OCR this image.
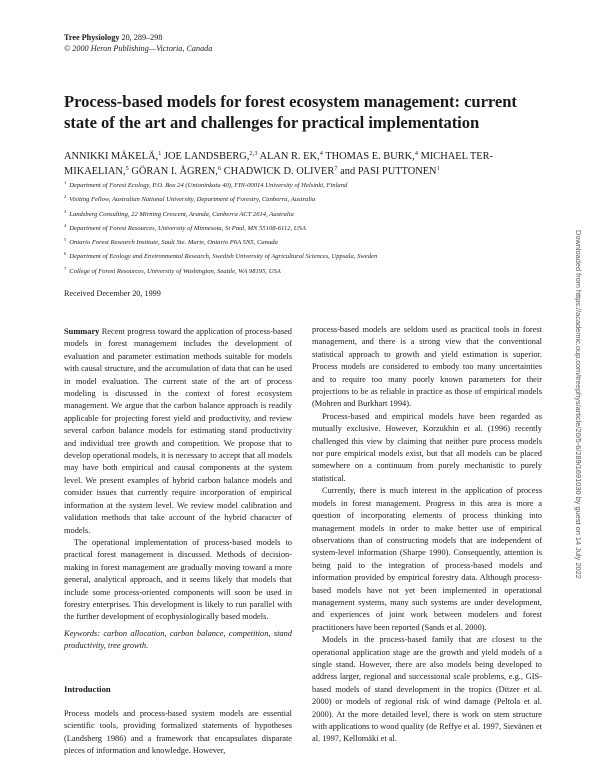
Tree Physiology 20, 289–298
© 2000 Heron Publishing—Victoria, Canada
Process-based models for forest ecosystem management: current state of the art and challenges for practical implementation
ANNIKKI MÄKELÄ,$^1$ JOE LANDSBERG,$^{2,3}$ ALAN R. EK,$^4$ THOMAS E. BURK,$^4$ MICHAEL TER-MIKAELIAN,$^5$ GÖRAN I. ÅGREN,$^6$ CHADWICK D. OLIVER$^7$ and PASI PUTTONEN$^1$
$^1$ Department of Forest Ecology, P.O. Box 24 (Unioninkatu 40), FIN-00014 University of Helsinki, Finland
$^2$ Visiting Fellow, Australian National University, Department of Forestry, Canberra, Australia
$^3$ Landsberg Consulting, 22 Mirning Crescent, Aranda, Canberra ACT 2614, Australia
$^4$ Department of Forest Resources, University of Minnesota, St Paul, MN 55108-6112, USA
$^5$ Ontario Forest Research Institute, Sault Ste. Marie, Ontario P6A 5N5, Canada
$^6$ Department of Ecology and Environmental Research, Swedish University of Agricultural Sciences, Uppsala, Sweden
$^7$ College of Forest Resources, University of Washington, Seattle, WA 98195, USA
Received December 20, 1999

Summary Recent progress toward the application of process-based models in forest management includes the development of evaluation and parameter estimation methods suitable for models with causal structure, and the accumulation of data that can be used in model evaluation. The current state of the art of process modeling is discussed in the context of forest ecosystem management. We argue that the carbon balance approach is readily applicable for projecting forest yield and productivity, and review several carbon balance models for estimating stand productivity and individual tree growth and competition. We propose that to develop operational models, it is necessary to accept that all models may have both empirical and causal components at the system level. We present examples of hybrid carbon balance models and consider issues that currently require incorporation of empirical information at the system level. We review model calibration and validation methods that take account of the hybrid character of models.

The operational implementation of process-based models to practical forest management is discussed. Methods of decision-making in forest management are gradually moving toward a more general, analytical approach, and it seems likely that models that include some process-oriented components will soon be used in forestry enterprises. This development is likely to run parallel with the further development of ecophysiologically based models.

Keywords: carbon allocation, carbon balance, competition, stand productivity, tree growth.

Introduction

Process models and process-based system models are essential scientific tools, providing formalized statements of hypotheses (Landsberg 1986) and a framework that encapsulates disparate pieces of information and knowledge. However,

process-based models are seldom used as practical tools in forest management, and there is a strong view that the conventional statistical approach to growth and yield estimation is superior. Process models are considered to embody too many uncertainties and to require too many poorly known parameters for their projections to be as reliable in practice as those of empirical models (Mohren and Burkhart 1994).

Process-based and empirical models have been regarded as mutually exclusive. However, Korzukhin et al. (1996) recently challenged this view by claiming that neither pure process models nor pure empirical models exist, but that all models can be placed somewhere on a continuum from purely mechanistic to purely statistical.

Currently, there is much interest in the application of process models in forest management. Progress in this area is more a question of incorporating elements of process thinking into management models in order to make better use of empirical observations than of constructing models that are independent of system-level information (Sharpe 1990). Consequently, attention is being paid to the integration of process-based models and information provided by empirical forestry data. Although process-based models have not yet been implemented in operational management systems, many such systems are under development, and experiences of joint work between modelers and forest practitioners have been reported (Sands et al. 2000).

Models in the process-based family that are closest to the operational application stage are the growth and yield models of a single stand. However, there are also models being developed to address larger, regional and successional scale problems, e.g., GIS-based models of stand development in the tropics (Ditzer et al. 2000) or models of regional risk of wind damage (Peltola et al. 2000). At the more detailed level, there is work on stem structure with applications to wood quality (de Reffye et al. 1997, Sievänen et al. 1997, Kellomäki et al.

Downloaded from https://academic.oup.com/treephys/article/20/5-6/289/1691030 by guest on 14 July 2022
